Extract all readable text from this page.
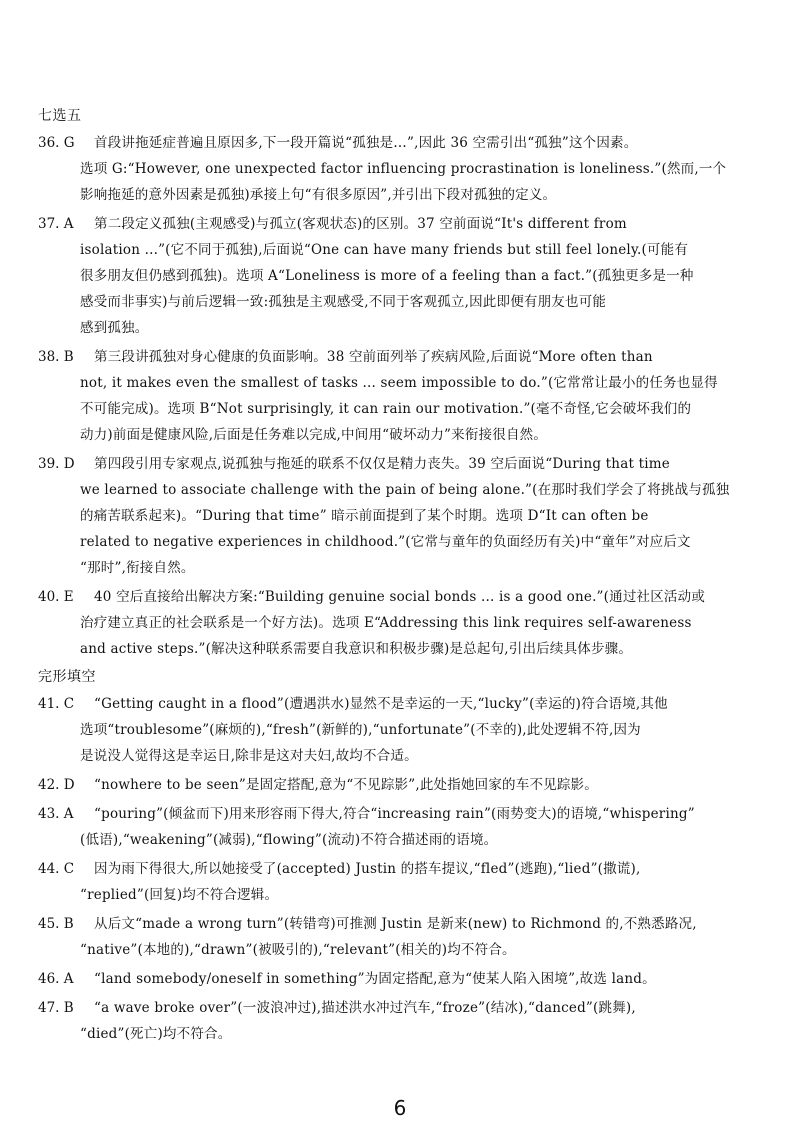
七选五
36. G	首段讲拖延症普遍且原因多,下一段开篇说“孤独是…”,因此 36 空需引出“孤独”这个因素。
选项 G:“However, one unexpected factor influencing procrastination is loneliness.”(然而,一个
影响拖延的意外因素是孤独)承接上句“有很多原因”,并引出下段对孤独的定义。
37. A	第二段定义孤独(主观感受)与孤立(客观状态)的区别。37 空前面说“It's different from
isolation ...”(它不同于孤独),后面说“One can have many friends but still feel lonely.(可能有
很多朋友但仍感到孤独)。选项 A“Loneliness is more of a feeling than a fact.”(孤独更多是一种
感受而非事实)与前后逻辑一致:孤独是主观感受,不同于客观孤立,因此即便有朋友也可能
感到孤独。
38. B	第三段讲孤独对身心健康的负面影响。38 空前面列举了疾病风险,后面说“More often than
not, it makes even the smallest of tasks ... seem impossible to do.”(它常常让最小的任务也显得
不可能完成)。选项 B“Not surprisingly, it can rain our motivation.”(毫不奇怪,它会破坏我们的
动力)前面是健康风险,后面是任务难以完成,中间用“破坏动力”来衔接很自然。
39. D	第四段引用专家观点,说孤独与拖延的联系不仅仅是精力丧失。39 空后面说“During that time
we learned to associate challenge with the pain of being alone.”(在那时我们学会了将挑战与孤独
的痛苦联系起来)。“During that time” 暗示前面提到了某个时期。选项 D“It can often be
related to negative experiences in childhood.”(它常与童年的负面经历有关)中“童年”对应后文
“那时”,衔接自然。
40. E	40 空后直接给出解决方案:“Building genuine social bonds ... is a good one.”(通过社区活动或
治疗建立真正的社会联系是一个好方法)。选项 E“Addressing this link requires self-awareness
and active steps.”(解决这种联系需要自我意识和积极步骤)是总起句,引出后续具体步骤。
完形填空
41. C	“Getting caught in a flood”(遭遇洪水)显然不是幸运的一天,“lucky”(幸运的)符合语境,其他
选项“troublesome”(麻烦的),“fresh”(新鲜的),“unfortunate”(不幸的),此处逻辑不符,因为
是说没人觉得这是幸运日,除非是这对夫妇,故均不合适。
42. D	“nowhere to be seen”是固定搭配,意为“不见踪影”,此处指她回家的车不见踪影。
43. A	“pouring”(倾盆而下)用来形容雨下得大,符合“increasing rain”(雨势变大)的语境,“whispering”
(低语),“weakening”(减弱),“flowing”(流动)不符合描述雨的语境。
44. C	因为雨下得很大,所以她接受了(accepted) Justin 的搭车提议,“fled”(逃跑),“lied”(撒谎),
“replied”(回复)均不符合逻辑。
45. B	从后文“made a wrong turn”(转错弯)可推测 Justin 是新来(new) to Richmond 的,不熟悉路况,
“native”(本地的),“drawn”(被吸引的),“relevant”(相关的)均不符合。
46. A	“land somebody/oneself in something”为固定搭配,意为“使某人陷入困境”,故选 land。
47. B	“a wave broke over”(一波浪冲过),描述洪水冲过汽车,“froze”(结冰),“danced”(跳舞),
“died”(死亡)均不符合。
6
